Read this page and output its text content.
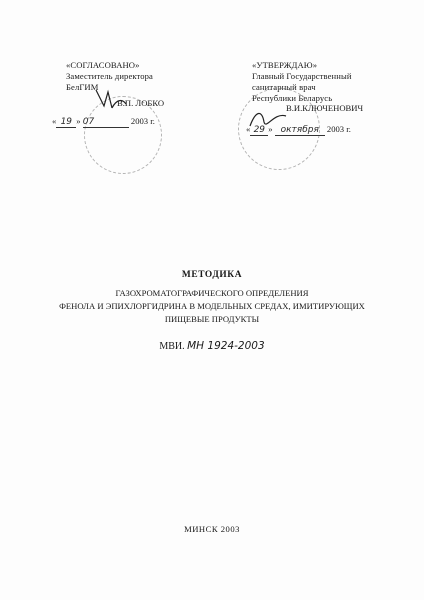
«СОГЛАСОВАНО»
Заместитель директора
БелГИМ
В.П. ЛОБКО
« 19 » 07	2003 г.
«УТВЕРЖДАЮ»
Главный Государственный
санитарный врач
Республики Беларусь
В.И.КЛЮЧЕНОВИЧ
« 29 » октября 2003 г.
МЕТОДИКА
ГАЗОХРОМАТОГРАФИЧЕСКОГО ОПРЕДЕЛЕНИЯ
ФЕНОЛА И ЭПИХЛОРГИДРИНА В МОДЕЛЬНЫХ СРЕДАХ, ИМИТИРУЮЩИХ
ПИЩЕВЫЕ ПРОДУКТЫ
МВИ. МН 1924-2003
МИНСК 2003
